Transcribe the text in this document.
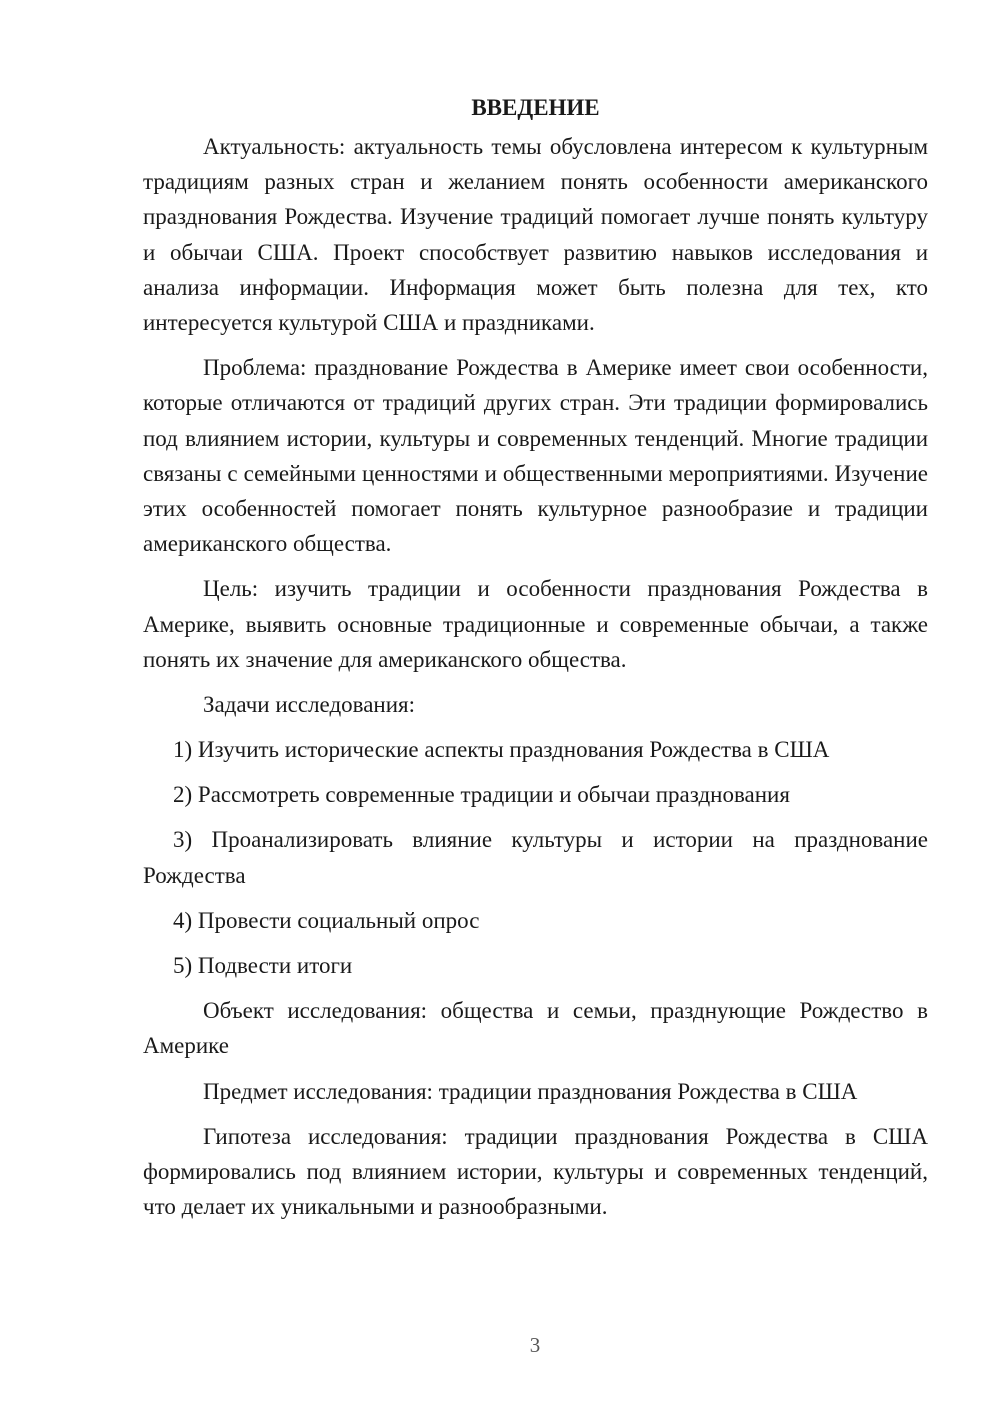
ВВЕДЕНИЕ

Актуальность: актуальность темы обусловлена интересом к культурным традициям разных стран и желанием понять особенности американского празднования Рождества. Изучение традиций помогает лучше понять культуру и обычаи США. Проект способствует развитию навыков исследования и анализа информации. Информация может быть полезна для тех, кто интересуется культурой США и праздниками.

Проблема: празднование Рождества в Америке имеет свои особенности, которые отличаются от традиций других стран. Эти традиции формировались под влиянием истории, культуры и современных тенденций. Многие традиции связаны с семейными ценностями и общественными мероприятиями. Изучение этих особенностей помогает понять культурное разнообразие и традиции американского общества.

Цель: изучить традиции и особенности празднования Рождества в Америке, выявить основные традиционные и современные обычаи, а также понять их значение для американского общества.

Задачи исследования:

1) Изучить исторические аспекты празднования Рождества в США

2) Рассмотреть современные традиции и обычаи празднования

3) Проанализировать влияние культуры и истории на празднование Рождества

4) Провести социальный опрос

5) Подвести итоги

Объект исследования: общества и семьи, празднующие Рождество в Америке

Предмет исследования: традиции празднования Рождества в США

Гипотеза исследования: традиции празднования Рождества в США формировались под влиянием истории, культуры и современных тенденций, что делает их уникальными и разнообразными.

3
